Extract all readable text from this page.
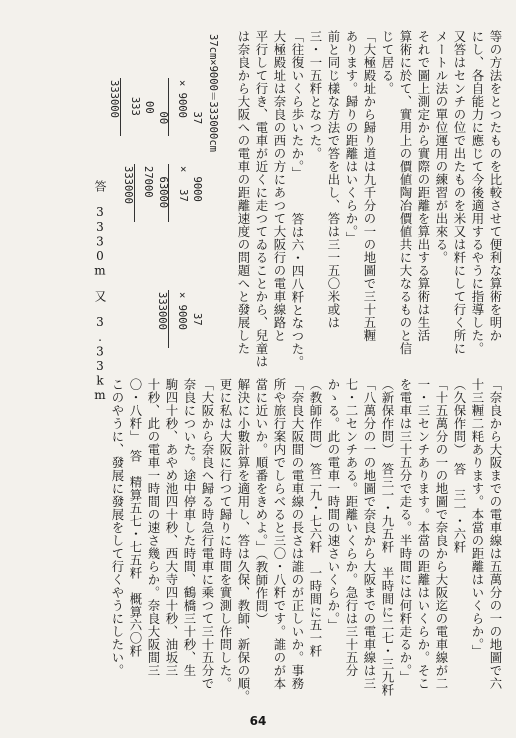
等の方法をとつたものを比較させて便利な算術を明か
にし、各自能力に應じて今後適用するやうに指導した。
又答はセンチの位で出たものを米又は粁にして行く所に
メートル法の單位運用の練習が出來る。
それで圖上測定から實際の距離を算出する算術は生活
算術に於て、實用上の價値陶冶價値共に大なるものと信
じて居る。
「大極殿址から歸り道は九千分の一の地圖で三十五糎
あります。歸りの距離はいくらか。」
前と同じ樣な方法で答を出し、答は三一五〇米或は
三・一五粁となつた。
「往復いくら歩いたか。」　　　答は六・四八粁となつた。
大極殿址は奈良の西の方にあつて大阪行の電車線路と
平行して行き、電車が近くに走つてゐることから、兒童は
は奈良から大阪への電車の距離速度の問題へと發展した
37cm×9000＝333000cm
　　　37
× 9000
　　　00
　　00
　 333
333000
　9000
×　 37
　63000
27000
333000
　　37
× 9000
333000
答　3330m
又　3.33km
「奈良から大阪までの電車線は五萬分の一の地圖で六
十三糎二粍あります。本當の距離はいくらか。」
（久保作問）　答　三一・六粁
「十五萬分の一の地圖で奈良から大阪迄の電車線が二
一・三センチあります。本當の距離はいくらか。そこ
を電車は三十五分で走る。半時間には何粁走るか。」
（新保作問）　答三一・九五粁　半時間に二七・三九粁
「八萬分の一の地圖で奈良から大阪までの電車線は三
七・二センチある。距離いくらか。急行は三十五分
かゝる。此の電車一時間の速さいくらか。」
（教師作問）　答二九・七六粁　一時間に五一粁
「奈良大阪間の電車線の長さは誰のが正しいか。事務
所や旅行案内でしらべると三〇・八粁です。誰のが本
當に近いか。順番をきめよ。」（教師作問）
解決に小數計算を適用し、答は久保、教師、新保の順。
更に私は大阪に行つて歸りに時間を實測し作問した。
「大阪から奈良へ歸る時急行電車に乘つて三十五分で
奈良についた。途中停車した時間、鶴橋三十秒、生
駒四十秒、あやめ池四十秒、西大寺四十秒、油坂三
十秒、此の電車一時間の速さ幾らか。奈良大阪間三
〇・八粁」　答　精算五七・七五粁　概算六〇粁
このやうに、發展に發展をして行くやうにしたい。
64
